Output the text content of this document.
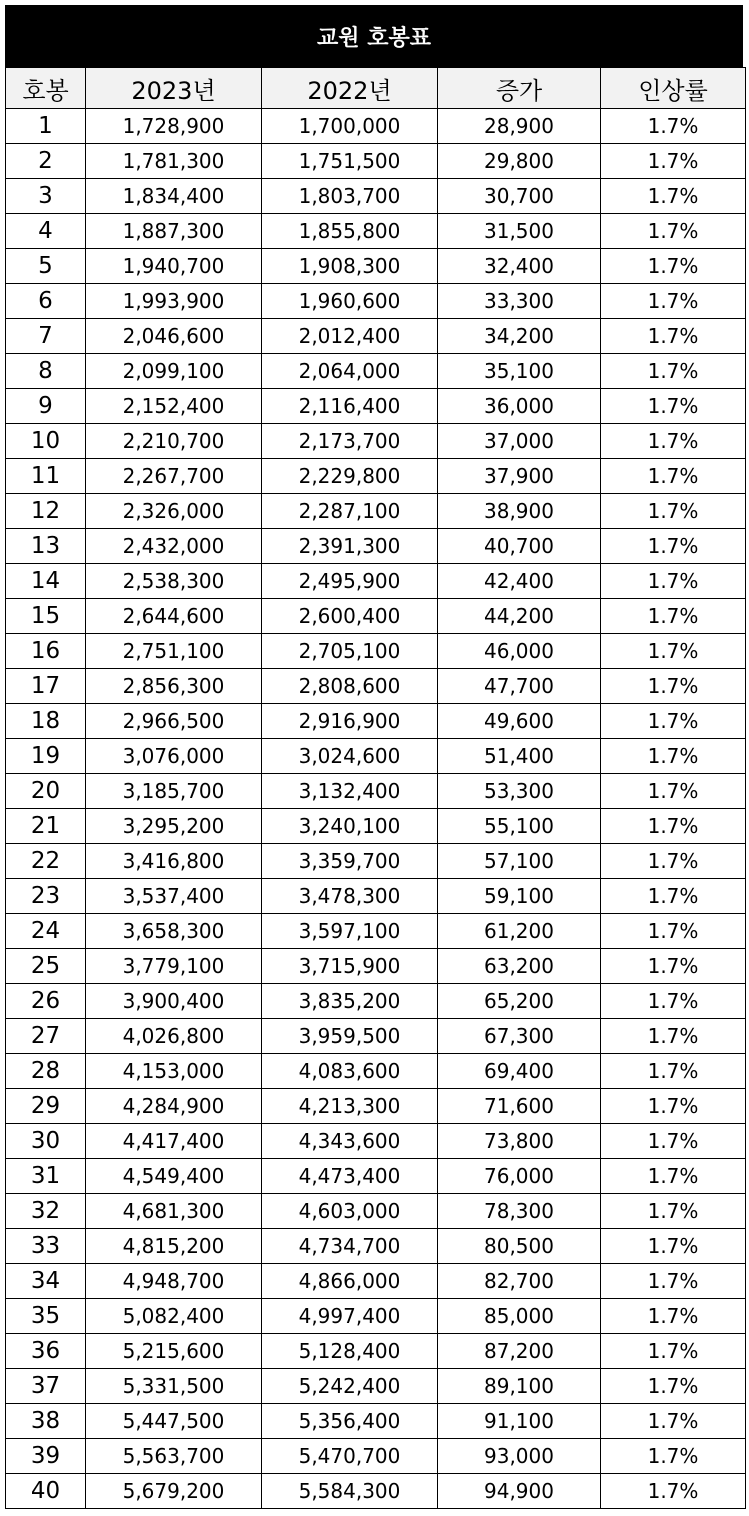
교원 호봉표
호봉	2023년	2022년	증가	인상률
1	1,728,900	1,700,000	28,900	1.7%
2	1,781,300	1,751,500	29,800	1.7%
3	1,834,400	1,803,700	30,700	1.7%
4	1,887,300	1,855,800	31,500	1.7%
5	1,940,700	1,908,300	32,400	1.7%
6	1,993,900	1,960,600	33,300	1.7%
7	2,046,600	2,012,400	34,200	1.7%
8	2,099,100	2,064,000	35,100	1.7%
9	2,152,400	2,116,400	36,000	1.7%
10	2,210,700	2,173,700	37,000	1.7%
11	2,267,700	2,229,800	37,900	1.7%
12	2,326,000	2,287,100	38,900	1.7%
13	2,432,000	2,391,300	40,700	1.7%
14	2,538,300	2,495,900	42,400	1.7%
15	2,644,600	2,600,400	44,200	1.7%
16	2,751,100	2,705,100	46,000	1.7%
17	2,856,300	2,808,600	47,700	1.7%
18	2,966,500	2,916,900	49,600	1.7%
19	3,076,000	3,024,600	51,400	1.7%
20	3,185,700	3,132,400	53,300	1.7%
21	3,295,200	3,240,100	55,100	1.7%
22	3,416,800	3,359,700	57,100	1.7%
23	3,537,400	3,478,300	59,100	1.7%
24	3,658,300	3,597,100	61,200	1.7%
25	3,779,100	3,715,900	63,200	1.7%
26	3,900,400	3,835,200	65,200	1.7%
27	4,026,800	3,959,500	67,300	1.7%
28	4,153,000	4,083,600	69,400	1.7%
29	4,284,900	4,213,300	71,600	1.7%
30	4,417,400	4,343,600	73,800	1.7%
31	4,549,400	4,473,400	76,000	1.7%
32	4,681,300	4,603,000	78,300	1.7%
33	4,815,200	4,734,700	80,500	1.7%
34	4,948,700	4,866,000	82,700	1.7%
35	5,082,400	4,997,400	85,000	1.7%
36	5,215,600	5,128,400	87,200	1.7%
37	5,331,500	5,242,400	89,100	1.7%
38	5,447,500	5,356,400	91,100	1.7%
39	5,563,700	5,470,700	93,000	1.7%
40	5,679,200	5,584,300	94,900	1.7%
